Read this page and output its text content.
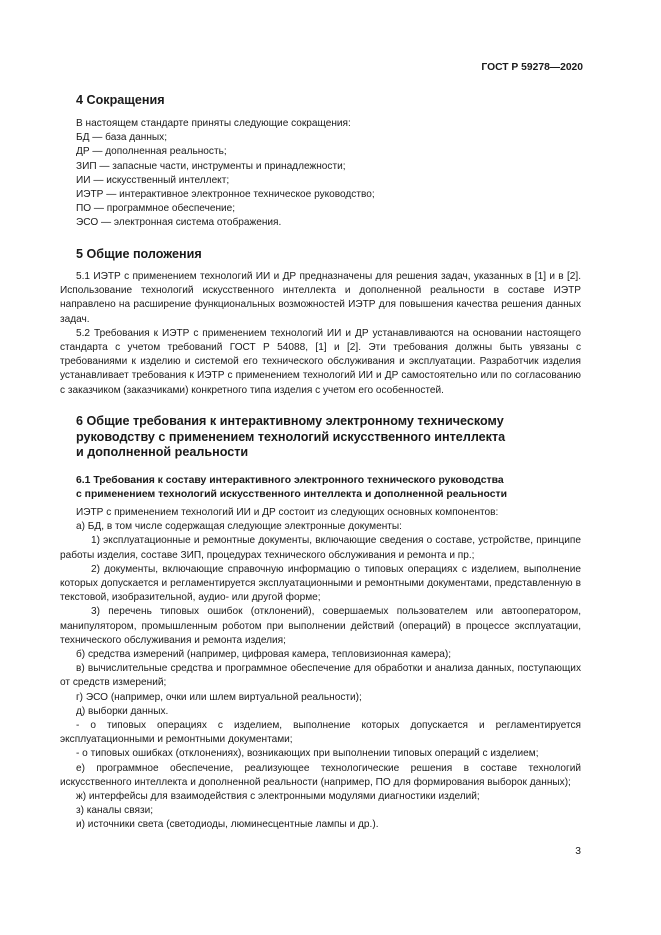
ГОСТ Р 59278—2020
4 Сокращения

В настоящем стандарте приняты следующие сокращения:

БД — база данных;

ДР — дополненная реальность;

ЗИП — запасные части, инструменты и принадлежности;

ИИ — искусственный интеллект;

ИЭТР — интерактивное электронное техническое руководство;

ПО — программное обеспечение;

ЭСО — электронная система отображения.

5 Общие положения

5.1 ИЭТР с применением технологий ИИ и ДР предназначены для решения задач, указанных в [1] и в [2]. Использование технологий искусственного интеллекта и дополненной реальности в составе ИЭТР направлено на расширение функциональных возможностей ИЭТР для повышения качества решения данных задач.

5.2 Требования к ИЭТР с применением технологий ИИ и ДР устанавливаются на основании настоящего стандарта с учетом требований ГОСТ Р 54088, [1] и [2]. Эти требования должны быть увязаны с требованиями к изделию и системой его технического обслуживания и эксплуатации. Разработчик изделия устанавливает требования к ИЭТР с применением технологий ИИ и ДР самостоятельно или по согласованию с заказчиком (заказчиками) конкретного типа изделия с учетом его особенностей.

6 Общие требования к интерактивному электронному техническому
руководству с применением технологий искусственного интеллекта
и дополненной реальности
6.1 Требования к составу интерактивного электронного технического руководства
с применением технологий искусственного интеллекта и дополненной реальности

ИЭТР с применением технологий ИИ и ДР состоит из следующих основных компонентов:

а) БД, в том числе содержащая следующие электронные документы:

1) эксплуатационные и ремонтные документы, включающие сведения о составе, устройстве, принципе работы изделия, составе ЗИП, процедурах технического обслуживания и ремонта и пр.;

2) документы, включающие справочную информацию о типовых операциях с изделием, выполнение которых допускается и регламентируется эксплуатационными и ремонтными документами, представленную в текстовой, изобразительной, аудио- или другой форме;

3) перечень типовых ошибок (отклонений), совершаемых пользователем или автооператором, манипулятором, промышленным роботом при выполнении действий (операций) в процессе эксплуатации, технического обслуживания и ремонта изделия;

б) средства измерений (например, цифровая камера, тепловизионная камера);

в) вычислительные средства и программное обеспечение для обработки и анализа данных, поступающих от средств измерений;

г) ЭСО (например, очки или шлем виртуальной реальности);

д) выборки данных.

- о типовых операциях с изделием, выполнение которых допускается и регламентируется эксплуатационными и ремонтными документами;

- о типовых ошибках (отклонениях), возникающих при выполнении типовых операций с изделием;

е) программное обеспечение, реализующее технологические решения в составе технологий искусственного интеллекта и дополненной реальности (например, ПО для формирования выборок данных);

ж) интерфейсы для взаимодействия с электронными модулями диагностики изделий;

з) каналы связи;

и) источники света (светодиоды, люминесцентные лампы и др.).

3
